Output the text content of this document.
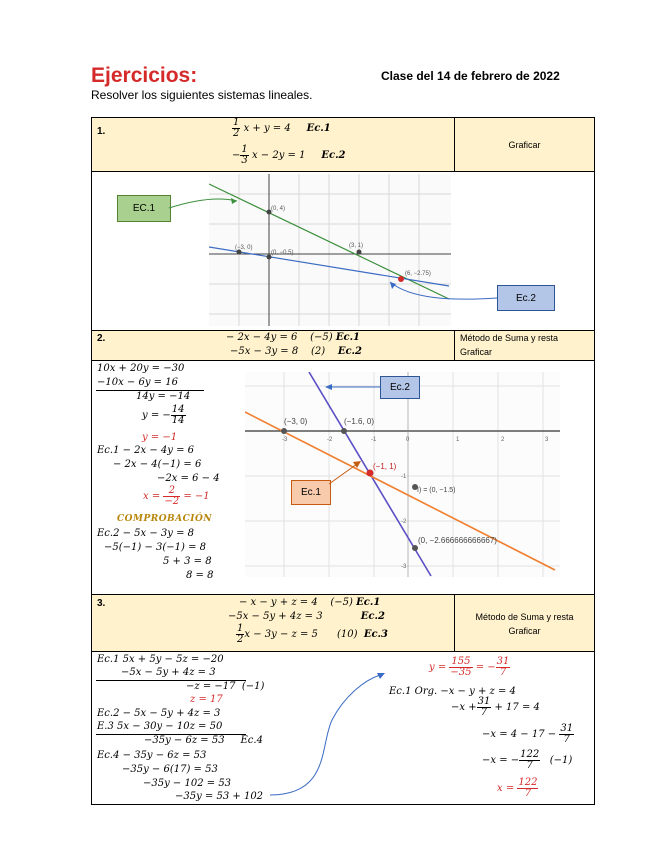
Ejercicios:	Clase del 14 de febrero de 2022
Resolver los siguientes sistemas lineales.
1.	$\frac{1}{2}$ x + y = 4 Ec.1
− $\frac{1}{3}$ x − 2y = 1 Ec.2
Graficar
(0, 4)
(−3, 0)
(0, −0.5)
(3, 1)
(6, −2.75)
EC.1
Ec.2
2.	− 2x − 4y = 6 (−5) Ec.1
−5x − 3y = 8 (2) Ec.2
Método de Suma y resta
Graficar
10x + 20y = −30
−10x − 6y = 16
14y = −14
y = − $\frac{14}{14}$
y = −1
Ec.1 − 2x − 4y = 6
− 2x − 4(−1) = 6
−2x = 6 − 4
$x = \frac{2}{-2} = -1$
COMPROBACIÓN
Ec.2 − 5x − 3y = 8
−5(−1) − 3(−1) = 8
5 + 3 = 8
8 = 8
(−3, 0)	(−1.6, 0)
(−1, 1)
I) = (0, −1.5)
(0, −2.666666666667)
-3	-2	-1	0	1	2	3
-1
-2
-3
Ec.2
Ec.1
3.	− x − y + z = 4 (−5) Ec.1
−5x − 5y + 4z = 3	Ec.2
$\frac{1}{2}$ x − 3y − z = 5 (10) Ec.3
Método de Suma y resta
Graficar
Ec.1 5x + 5y − 5z = −20
−5x − 5y + 4z = 3
−z = −17 (−1)
z = 17
Ec.2 − 5x − 5y + 4z = 3
E.3 5x − 30y − 10z = 50
−35y − 6z = 53 Ec.4
Ec.4 − 35y − 6z = 53
−35y − 6(17) = 53
−35y − 102 = 53
−35y = 53 + 102
$y = \frac{155}{-35}$ = − $\frac{31}{7}$
Ec.1 Org. −x − y + z = 4
$-x + \frac{31}{7} + 17 = 4$
$-x = 4 - 17 - \frac{31}{7}$
−x = − $\frac{122}{7} (-1)$
$x = \frac{122}{7}$
